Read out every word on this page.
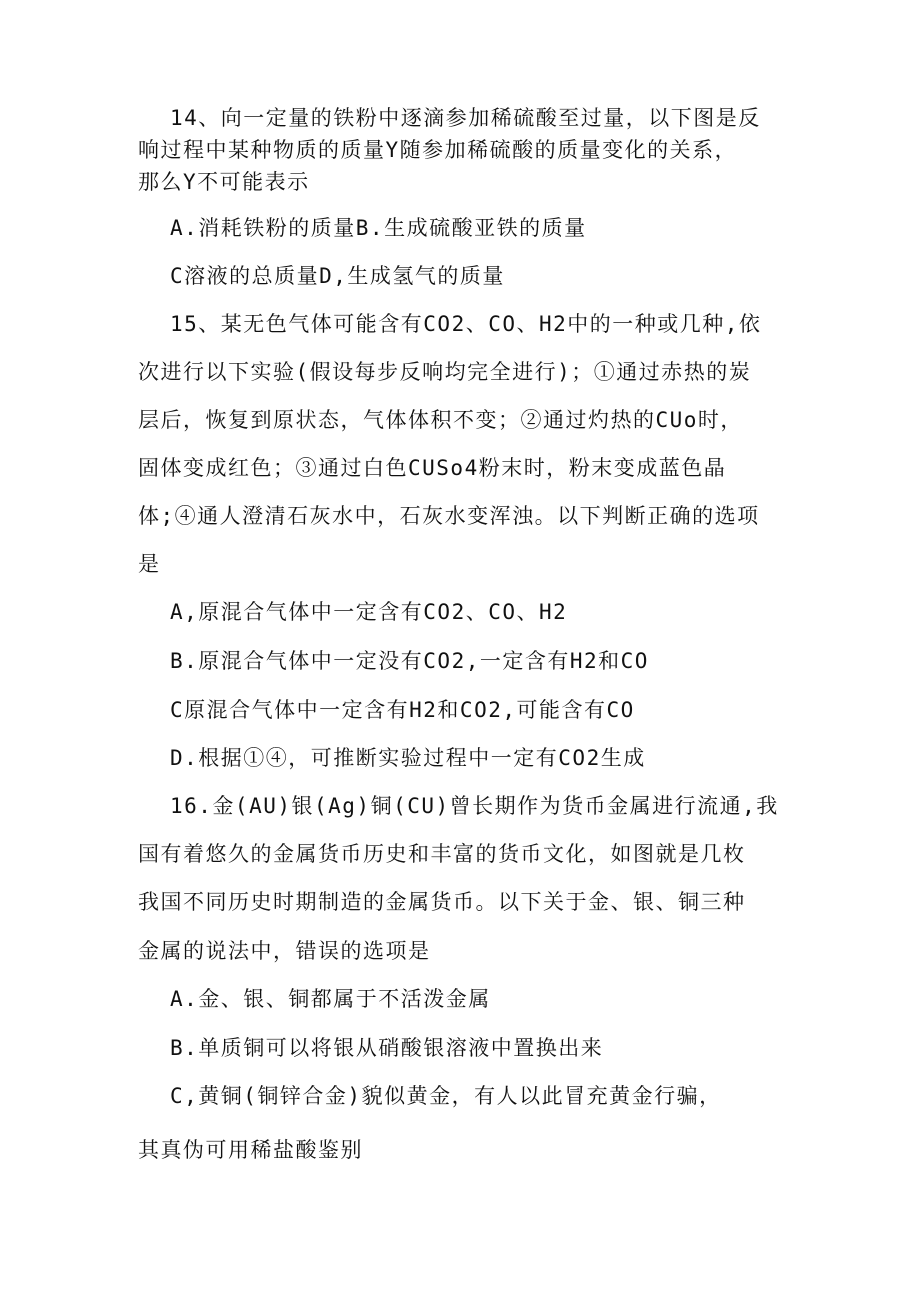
14、向一定量的铁粉中逐滴参加稀硫酸至过量，以下图是反
响过程中某种物质的质量Y随参加稀硫酸的质量变化的关系，
那么Y不可能表示
A.消耗铁粉的质量B.生成硫酸亚铁的质量
C溶液的总质量D,生成氢气的质量
15、某无色气体可能含有CO2、CO、H2中的一种或几种,依
次进行以下实验(假设每步反响均完全进行)；①通过赤热的炭
层后，恢复到原状态，气体体积不变；②通过灼热的CUo时，
固体变成红色；③通过白色CUSo4粉末时，粉末变成蓝色晶
体;④通人澄清石灰水中，石灰水变浑浊。以下判断正确的选项
是
A,原混合气体中一定含有CO2、CO、H2
B.原混合气体中一定没有CO2,一定含有H2和CO
C原混合气体中一定含有H2和CO2,可能含有CO
D.根据①④，可推断实验过程中一定有CO2生成
16.金(AU)银(Ag)铜(CU)曾长期作为货币金属进行流通,我
国有着悠久的金属货币历史和丰富的货币文化，如图就是几枚
我国不同历史时期制造的金属货币。以下关于金、银、铜三种
金属的说法中，错误的选项是
A.金、银、铜都属于不活泼金属
B.单质铜可以将银从硝酸银溶液中置换出来
C,黄铜(铜锌合金)貌似黄金，有人以此冒充黄金行骗，
其真伪可用稀盐酸鉴别
